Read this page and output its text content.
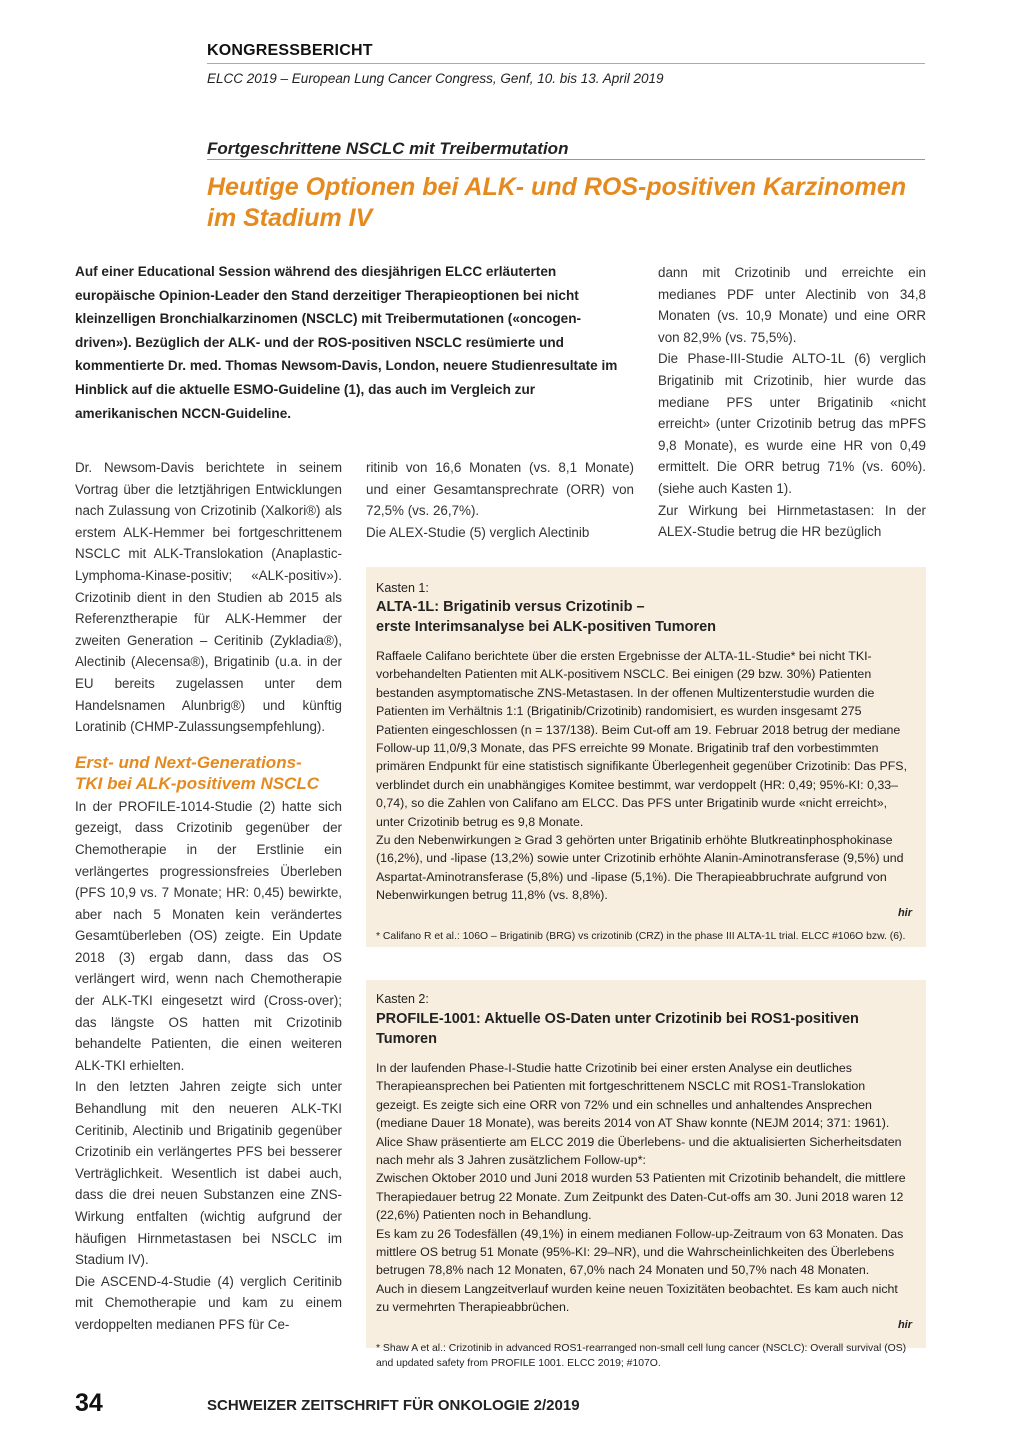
KONGRESSBERICHT
ELCC 2019 – European Lung Cancer Congress, Genf, 10. bis 13. April 2019
Fortgeschrittene NSCLC mit Treibermutation
Heutige Optionen bei ALK- und ROS-positiven Karzinomen
im Stadium IV
Auf einer Educational Session während des diesjährigen ELCC erläuterten europäische Opinion-Leader den Stand derzeitiger Therapieoptionen bei nicht kleinzelligen Bronchialkarzinomen (NSCLC) mit Treibermutationen («oncogen-driven»). Bezüglich der ALK- und der ROS-positiven NSCLC resümierte und kommentierte Dr. med. Thomas Newsom-Davis, London, neuere Studienresultate im Hinblick auf die aktuelle ESMO-Guideline (1), das auch im Vergleich zur amerikanischen NCCN-Guideline.

Dr. Newsom-Davis berichtete in seinem Vortrag über die letztjährigen Entwicklungen nach Zulassung von Crizotinib (Xalkori®) als erstem ALK-Hemmer bei fortgeschrittenem NSCLC mit ALK-Translokation (Anaplastic-Lymphoma-Kinase-positiv; «ALK-positiv»). Crizotinib dient in den Studien ab 2015 als Referenztherapie für ALK-Hemmer der zweiten Generation – Ceritinib (Zykladia®), Alectinib (Alecensa®), Brigatinib (u.a. in der EU bereits zugelassen unter dem Handelsnamen Alunbrig®) und künftig Loratinib (CHMP-Zulassungsempfehlung).

Erst- und Next-Generations-
TKI bei ALK-positivem NSCLC

In der PROFILE-1014-Studie (2) hatte sich gezeigt, dass Crizotinib gegenüber der Chemotherapie in der Erstlinie ein verlängertes progressionsfreies Überleben (PFS 10,9 vs. 7 Monate; HR: 0,45) bewirkte, aber nach 5 Monaten kein verändertes Gesamtüberleben (OS) zeigte. Ein Update 2018 (3) ergab dann, dass das OS verlängert wird, wenn nach Chemotherapie der ALK-TKI eingesetzt wird (Cross-over); das längste OS hatten mit Crizotinib behandelte Patienten, die einen weiteren ALK-TKI erhielten.

In den letzten Jahren zeigte sich unter Behandlung mit den neueren ALK-TKI Ceritinib, Alectinib und Brigatinib gegenüber Crizotinib ein verlängertes PFS bei besserer Verträglichkeit. Wesentlich ist dabei auch, dass die drei neuen Substanzen eine ZNS-Wirkung entfalten (wichtig aufgrund der häufigen Hirnmetastasen bei NSCLC im Stadium IV).

Die ASCEND-4-Studie (4) verglich Ceritinib mit Chemotherapie und kam zu einem verdoppelten medianen PFS für Ce-

ritinib von 16,6 Monaten (vs. 8,1 Monate) und einer Gesamtansprechrate (ORR) von 72,5% (vs. 26,7%).

Die ALEX-Studie (5) verglich Alectinib

dann mit Crizotinib und erreichte ein medianes PDF unter Alectinib von 34,8 Monaten (vs. 10,9 Monate) und eine ORR von 82,9% (vs. 75,5%).

Die Phase-III-Studie ALTO-1L (6) verglich Brigatinib mit Crizotinib, hier wurde das mediane PFS unter Brigatinib «nicht erreicht» (unter Crizotinib betrug das mPFS 9,8 Monate), es wurde eine HR von 0,49 ermittelt. Die ORR betrug 71% (vs. 60%). (siehe auch Kasten 1).

Zur Wirkung bei Hirnmetastasen: In der ALEX-Studie betrug die HR bezüglich

Kasten 1:
ALTA-1L: Brigatinib versus Crizotinib –
erste Interimsanalyse bei ALK-positiven Tumoren

Raffaele Califano berichtete über die ersten Ergebnisse der ALTA-1L-Studie* bei nicht TKI-vorbehandelten Patienten mit ALK-positivem NSCLC. Bei einigen (29 bzw. 30%) Patienten bestanden asymptomatische ZNS-Metastasen. In der offenen Multizenterstudie wurden die Patienten im Verhältnis 1:1 (Brigatinib/Crizotinib) randomisiert, es wurden insgesamt 275 Patienten eingeschlossen (n = 137/138). Beim Cut-off am 19. Februar 2018 betrug der mediane Follow-up 11,0/9,3 Monate, das PFS erreichte 99 Monate. Brigatinib traf den vorbestimmten primären Endpunkt für eine statistisch signifikante Überlegenheit gegenüber Crizotinib: Das PFS, verblindet durch ein unabhängiges Komitee bestimmt, war verdoppelt (HR: 0,49; 95%-KI: 0,33–0,74), so die Zahlen von Califano am ELCC. Das PFS unter Brigatinib wurde «nicht erreicht», unter Crizotinib betrug es 9,8 Monate.

Zu den Nebenwirkungen ≥ Grad 3 gehörten unter Brigatinib erhöhte Blutkreatinphosphokinase (16,2%), und -lipase (13,2%) sowie unter Crizotinib erhöhte Alanin-Aminotransferase (9,5%) und Aspartat-Aminotransferase (5,8%) und -lipase (5,1%). Die Therapieabbruchrate aufgrund von Nebenwirkungen betrug 11,8% (vs. 8,8%).

hir
* Califano R et al.: 106O – Brigatinib (BRG) vs crizotinib (CRZ) in the phase III ALTA-1L trial. ELCC #106O bzw. (6).
Kasten 2:
PROFILE-1001: Aktuelle OS-Daten unter Crizotinib bei ROS1-positiven Tumoren

In der laufenden Phase-I-Studie hatte Crizotinib bei einer ersten Analyse ein deutliches Therapieansprechen bei Patienten mit fortgeschrittenem NSCLC mit ROS1-Translokation gezeigt. Es zeigte sich eine ORR von 72% und ein schnelles und anhaltendes Ansprechen (mediane Dauer 18 Monate), was bereits 2014 von AT Shaw konnte (NEJM 2014; 371: 1961). Alice Shaw präsentierte am ELCC 2019 die Überlebens- und die aktualisierten Sicherheitsdaten nach mehr als 3 Jahren zusätzlichem Follow-up*:

Zwischen Oktober 2010 und Juni 2018 wurden 53 Patienten mit Crizotinib behandelt, die mittlere Therapiedauer betrug 22 Monate. Zum Zeitpunkt des Daten-Cut-offs am 30. Juni 2018 waren 12 (22,6%) Patienten noch in Behandlung.

Es kam zu 26 Todesfällen (49,1%) in einem medianen Follow-up-Zeitraum von 63 Monaten. Das mittlere OS betrug 51 Monate (95%-KI: 29–NR), und die Wahrscheinlichkeiten des Überlebens betrugen 78,8% nach 12 Monaten, 67,0% nach 24 Monaten und 50,7% nach 48 Monaten.

Auch in diesem Langzeitverlauf wurden keine neuen Toxizitäten beobachtet. Es kam auch nicht zu vermehrten Therapieabbrüchen.

hir
* Shaw A et al.: Crizotinib in advanced ROS1-rearranged non-small cell lung cancer (NSCLC): Overall survival (OS) and updated safety from PROFILE 1001. ELCC 2019; #107O.
34	SCHWEIZER ZEITSCHRIFT FÜR ONKOLOGIE 2/2019
